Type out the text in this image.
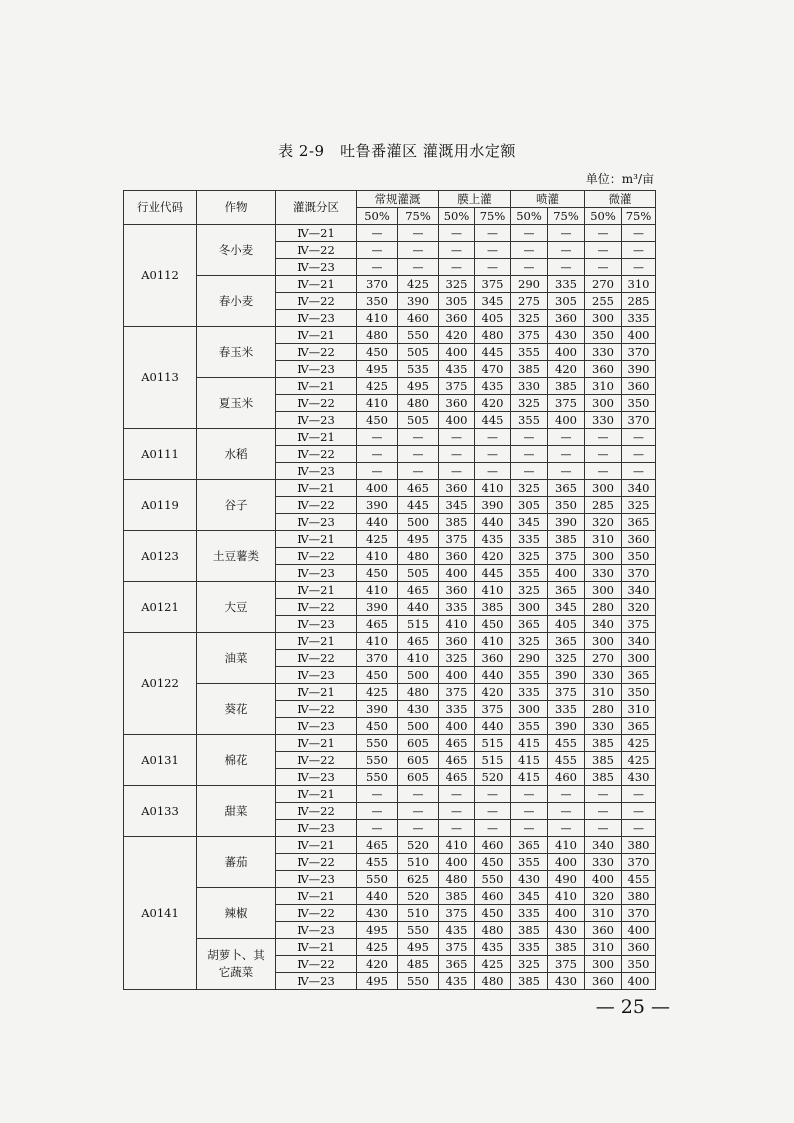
表 2-9　吐鲁番灌区 灌溉用水定额
单位：m³/亩
行业代码	作物	灌溉分区	常规灌溉		膜上灌		喷灌		微灌	
			50%	75%	50%	75%	50%	75%	50%	75%
A0112	冬小麦	Ⅳ—21	—	—	—	—	—	—	—	—
		Ⅳ—22	—	—	—	—	—	—	—	—
		Ⅳ—23	—	—	—	—	—	—	—	—
	春小麦	Ⅳ—21	370	425	325	375	290	335	270	310
		Ⅳ—22	350	390	305	345	275	305	255	285
		Ⅳ—23	410	460	360	405	325	360	300	335
A0113	春玉米	Ⅳ—21	480	550	420	480	375	430	350	400
		Ⅳ—22	450	505	400	445	355	400	330	370
		Ⅳ—23	495	535	435	470	385	420	360	390
	夏玉米	Ⅳ—21	425	495	375	435	330	385	310	360
		Ⅳ—22	410	480	360	420	325	375	300	350
		Ⅳ—23	450	505	400	445	355	400	330	370
A0111	水稻	Ⅳ—21	—	—	—	—	—	—	—	—
		Ⅳ—22	—	—	—	—	—	—	—	—
		Ⅳ—23	—	—	—	—	—	—	—	—
A0119	谷子	Ⅳ—21	400	465	360	410	325	365	300	340
		Ⅳ—22	390	445	345	390	305	350	285	325
		Ⅳ—23	440	500	385	440	345	390	320	365
A0123	土豆薯类	Ⅳ—21	425	495	375	435	335	385	310	360
		Ⅳ—22	410	480	360	420	325	375	300	350
		Ⅳ—23	450	505	400	445	355	400	330	370
A0121	大豆	Ⅳ—21	410	465	360	410	325	365	300	340
		Ⅳ—22	390	440	335	385	300	345	280	320
		Ⅳ—23	465	515	410	450	365	405	340	375
A0122	油菜	Ⅳ—21	410	465	360	410	325	365	300	340
		Ⅳ—22	370	410	325	360	290	325	270	300
		Ⅳ—23	450	500	400	440	355	390	330	365
	葵花	Ⅳ—21	425	480	375	420	335	375	310	350
		Ⅳ—22	390	430	335	375	300	335	280	310
		Ⅳ—23	450	500	400	440	355	390	330	365
A0131	棉花	Ⅳ—21	550	605	465	515	415	455	385	425
		Ⅳ—22	550	605	465	515	415	455	385	425
		Ⅳ—23	550	605	465	520	415	460	385	430
A0133	甜菜	Ⅳ—21	—	—	—	—	—	—	—	—
		Ⅳ—22	—	—	—	—	—	—	—	—
		Ⅳ—23	—	—	—	—	—	—	—	—
A0141	蕃茄	Ⅳ—21	465	520	410	460	365	410	340	380
		Ⅳ—22	455	510	400	450	355	400	330	370
		Ⅳ—23	550	625	480	550	430	490	400	455
	辣椒	Ⅳ—21	440	520	385	460	345	410	320	380
		Ⅳ—22	430	510	375	450	335	400	310	370
		Ⅳ—23	495	550	435	480	385	430	360	400
	胡萝卜、其它蔬菜	Ⅳ—21	425	495	375	435	335	385	310	360
		Ⅳ—22	420	485	365	425	325	375	300	350
		Ⅳ—23	495	550	435	480	385	430	360	400
— 25 —
